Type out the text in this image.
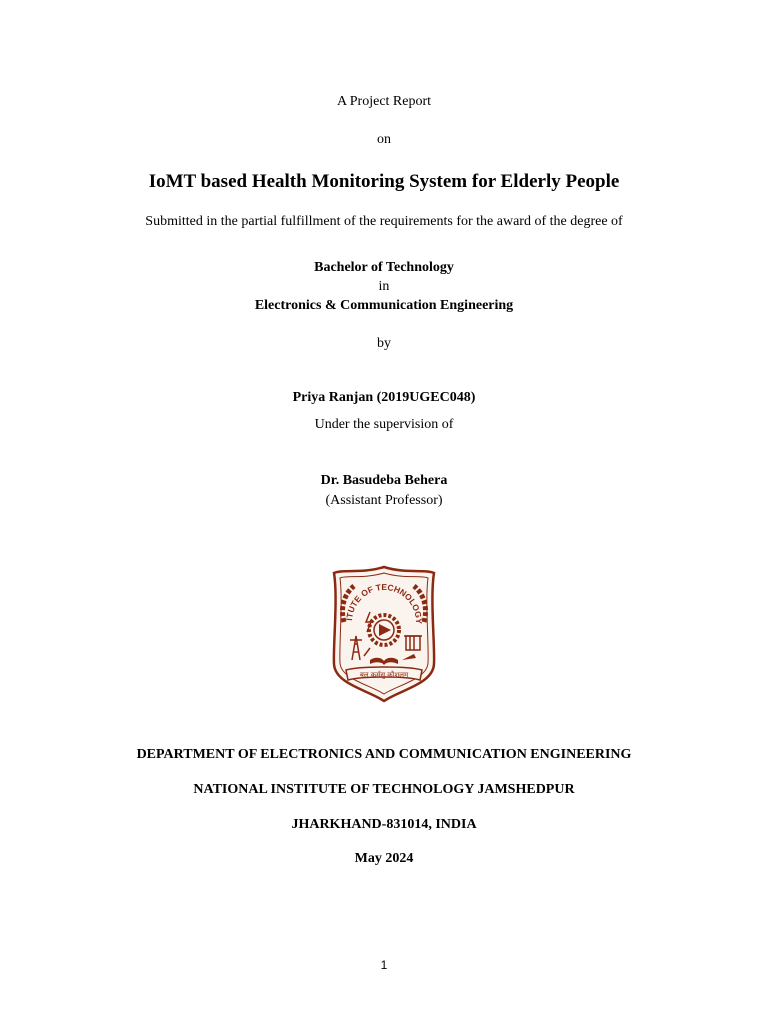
A Project Report
on
IoMT based Health Monitoring System for Elderly People
Submitted in the partial fulfillment of the requirements for the award of the degree of
Bachelor of Technology
in
Electronics & Communication Engineering
by
Priya Ranjan (2019UGEC048)
Under the supervision of
Dr. Basudeba Behera
(Assistant Professor)
ITUTE OF TECHNOLOGY
बल कर्मसु कौशलम्
DEPARTMENT OF ELECTRONICS AND COMMUNICATION ENGINEERING
NATIONAL INSTITUTE OF TECHNOLOGY JAMSHEDPUR
JHARKHAND-831014, INDIA
May 2024
1
